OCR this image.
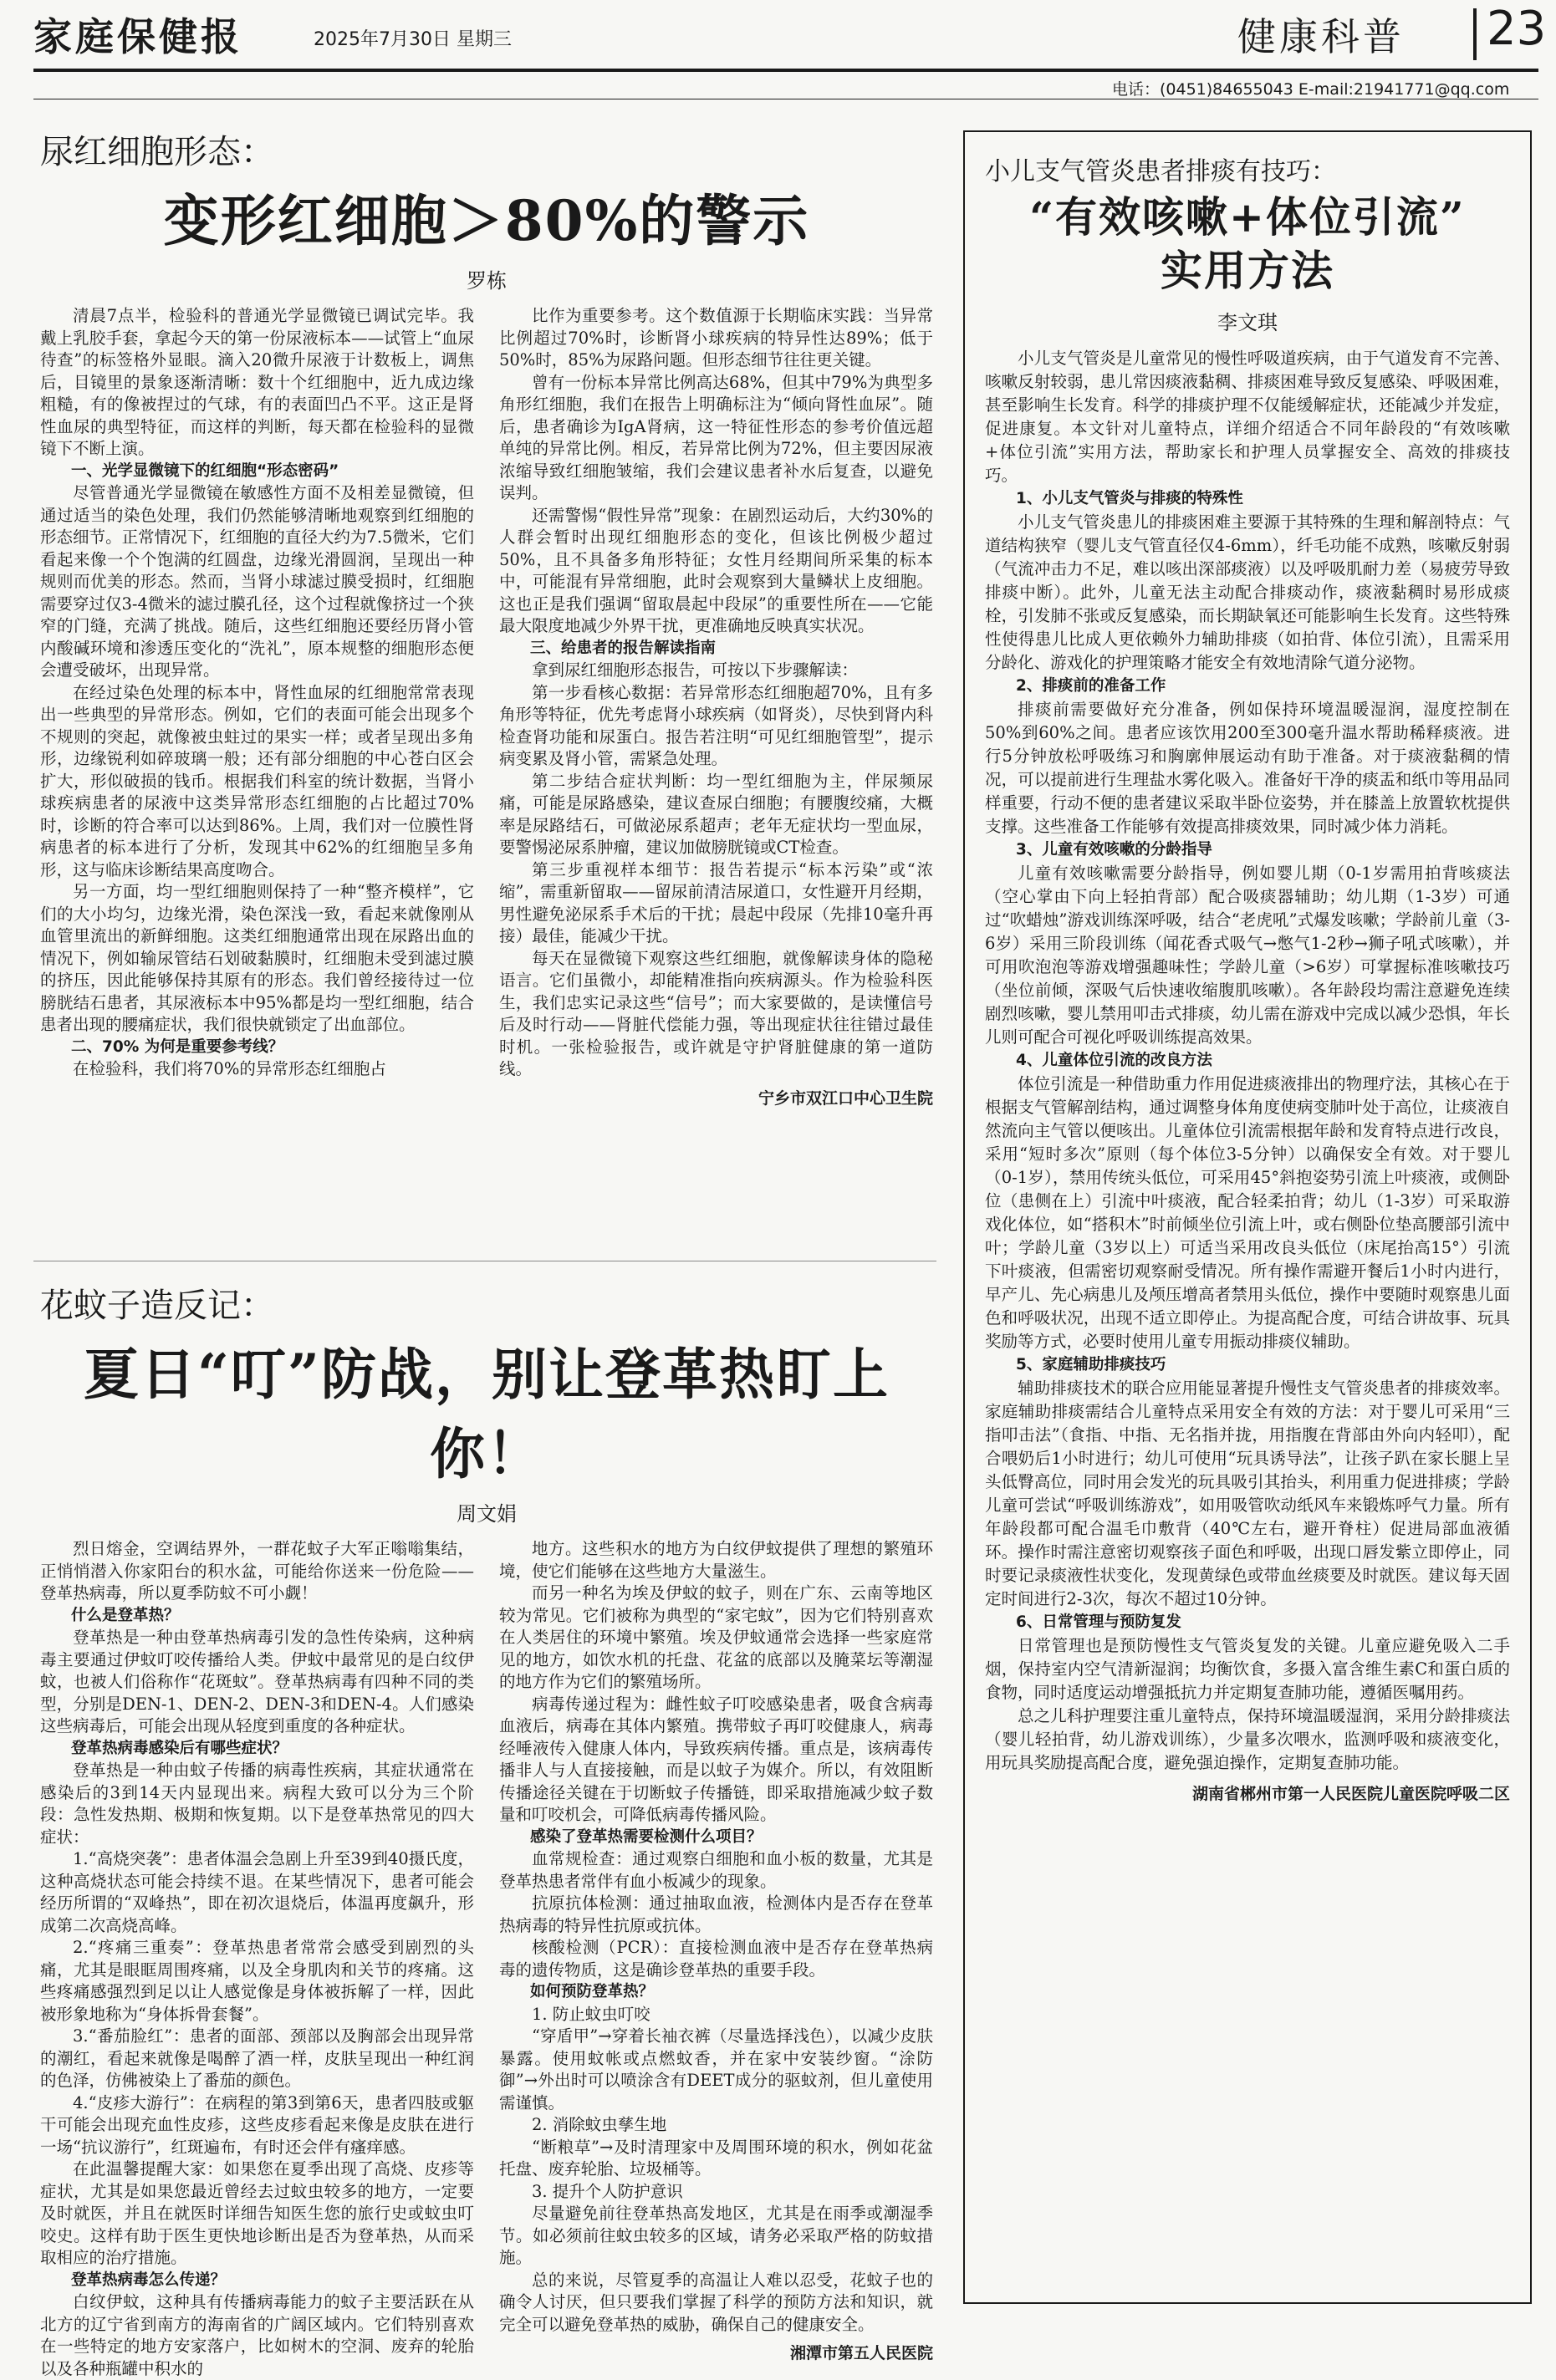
家庭保健报	2025年7月30日 星期三	健康科普 23
电话：(0451)84655043 E-mail:21941771@qq.com
尿红细胞形态：
变形红细胞＞80%的警示
罗栋

清晨7点半，检验科的普通光学显微镜已调试完毕。我戴上乳胶手套，拿起今天的第一份尿液标本——试管上“血尿待查”的标签格外显眼。滴入20微升尿液于计数板上，调焦后，目镜里的景象逐渐清晰：数十个红细胞中，近九成边缘粗糙，有的像被捏过的气球，有的表面凹凸不平。这正是肾性血尿的典型特征，而这样的判断，每天都在检验科的显微镜下不断上演。

一、光学显微镜下的红细胞“形态密码”

尽管普通光学显微镜在敏感性方面不及相差显微镜，但通过适当的染色处理，我们仍然能够清晰地观察到红细胞的形态细节。正常情况下，红细胞的直径大约为7.5微米，它们看起来像一个个饱满的红圆盘，边缘光滑圆润，呈现出一种规则而优美的形态。然而，当肾小球滤过膜受损时，红细胞需要穿过仅3-4微米的滤过膜孔径，这个过程就像挤过一个狭窄的门缝，充满了挑战。随后，这些红细胞还要经历肾小管内酸碱环境和渗透压变化的“洗礼”，原本规整的细胞形态便会遭受破坏，出现异常。

在经过染色处理的标本中，肾性血尿的红细胞常常表现出一些典型的异常形态。例如，它们的表面可能会出现多个不规则的突起，就像被虫蛀过的果实一样；或者呈现出多角形，边缘锐利如碎玻璃一般；还有部分细胞的中心苍白区会扩大，形似破损的钱币。根据我们科室的统计数据，当肾小球疾病患者的尿液中这类异常形态红细胞的占比超过70%时，诊断的符合率可以达到86%。上周，我们对一位膜性肾病患者的标本进行了分析，发现其中62%的红细胞呈多角形，这与临床诊断结果高度吻合。

另一方面，均一型红细胞则保持了一种“整齐模样”，它们的大小均匀，边缘光滑，染色深浅一致，看起来就像刚从血管里流出的新鲜细胞。这类红细胞通常出现在尿路出血的情况下，例如输尿管结石划破黏膜时，红细胞未受到滤过膜的挤压，因此能够保持其原有的形态。我们曾经接待过一位膀胱结石患者，其尿液标本中95%都是均一型红细胞，结合患者出现的腰痛症状，我们很快就锁定了出血部位。

二、70% 为何是重要参考线？

在检验科，我们将70%的异常形态红细胞占

比作为重要参考。这个数值源于长期临床实践：当异常比例超过70%时，诊断肾小球疾病的特异性达89%；低于50%时，85%为尿路问题。但形态细节往往更关键。

曾有一份标本异常比例高达68%，但其中79%为典型多角形红细胞，我们在报告上明确标注为“倾向肾性血尿”。随后，患者确诊为IgA肾病，这一特征性形态的参考价值远超单纯的异常比例。相反，若异常比例为72%，但主要因尿液浓缩导致红细胞皱缩，我们会建议患者补水后复查，以避免误判。

还需警惕“假性异常”现象：在剧烈运动后，大约30%的人群会暂时出现红细胞形态的变化，但该比例极少超过50%，且不具备多角形特征；女性月经期间所采集的标本中，可能混有异常细胞，此时会观察到大量鳞状上皮细胞。这也正是我们强调“留取晨起中段尿”的重要性所在——它能最大限度地减少外界干扰，更准确地反映真实状况。

三、给患者的报告解读指南

拿到尿红细胞形态报告，可按以下步骤解读：

第一步看核心数据：若异常形态红细胞超70%，且有多角形等特征，优先考虑肾小球疾病（如肾炎），尽快到肾内科检查肾功能和尿蛋白。报告若注明“可见红细胞管型”，提示病变累及肾小管，需紧急处理。

第二步结合症状判断：均一型红细胞为主，伴尿频尿痛，可能是尿路感染，建议查尿白细胞；有腰腹绞痛，大概率是尿路结石，可做泌尿系超声；老年无症状均一型血尿，要警惕泌尿系肿瘤，建议加做膀胱镜或CT检查。

第三步重视样本细节：报告若提示“标本污染”或“浓缩”，需重新留取——留尿前清洁尿道口，女性避开月经期，男性避免泌尿系手术后的干扰；晨起中段尿（先排10毫升再接）最佳，能减少干扰。

每天在显微镜下观察这些红细胞，就像解读身体的隐秘语言。它们虽微小，却能精准指向疾病源头。作为检验科医生，我们忠实记录这些“信号”；而大家要做的，是读懂信号后及时行动——肾脏代偿能力强，等出现症状往往错过最佳时机。一张检验报告，或许就是守护肾脏健康的第一道防线。

宁乡市双江口中心卫生院
花蚊子造反记：
夏日“叮”防战，别让登革热盯上你！
周文娟

烈日熔金，空调结界外，一群花蚊子大军正嗡嗡集结，正悄悄潜入你家阳台的积水盆，可能给你送来一份危险——登革热病毒，所以夏季防蚊不可小觑！

什么是登革热？

登革热是一种由登革热病毒引发的急性传染病，这种病毒主要通过伊蚊叮咬传播给人类。伊蚊中最常见的是白纹伊蚊，也被人们俗称作“花斑蚊”。登革热病毒有四种不同的类型，分别是DEN-1、DEN-2、DEN-3和DEN-4。人们感染这些病毒后，可能会出现从轻度到重度的各种症状。

登革热病毒感染后有哪些症状？

登革热是一种由蚊子传播的病毒性疾病，其症状通常在感染后的3到14天内显现出来。病程大致可以分为三个阶段：急性发热期、极期和恢复期。以下是登革热常见的四大症状：

1.“高烧突袭”：患者体温会急剧上升至39到40摄氏度，这种高烧状态可能会持续不退。在某些情况下，患者可能会经历所谓的“双峰热”，即在初次退烧后，体温再度飙升，形成第二次高烧高峰。

2.“疼痛三重奏”：登革热患者常常会感受到剧烈的头痛，尤其是眼眶周围疼痛，以及全身肌肉和关节的疼痛。这些疼痛感强烈到足以让人感觉像是身体被拆解了一样，因此被形象地称为“身体拆骨套餐”。

3.“番茄脸红”：患者的面部、颈部以及胸部会出现异常的潮红，看起来就像是喝醉了酒一样，皮肤呈现出一种红润的色泽，仿佛被染上了番茄的颜色。

4.“皮疹大游行”：在病程的第3到第6天，患者四肢或躯干可能会出现充血性皮疹，这些皮疹看起来像是皮肤在进行一场“抗议游行”，红斑遍布，有时还会伴有瘙痒感。

在此温馨提醒大家：如果您在夏季出现了高烧、皮疹等症状，尤其是如果您最近曾经去过蚊虫较多的地方，一定要及时就医，并且在就医时详细告知医生您的旅行史或蚊虫叮咬史。这样有助于医生更快地诊断出是否为登革热，从而采取相应的治疗措施。

登革热病毒怎么传递？

白纹伊蚊，这种具有传播病毒能力的蚊子主要活跃在从北方的辽宁省到南方的海南省的广阔区域内。它们特别喜欢在一些特定的地方安家落户，比如树木的空洞、废弃的轮胎以及各种瓶罐中积水的

地方。这些积水的地方为白纹伊蚊提供了理想的繁殖环境，使它们能够在这些地方大量滋生。

而另一种名为埃及伊蚊的蚊子，则在广东、云南等地区较为常见。它们被称为典型的“家宅蚊”，因为它们特别喜欢在人类居住的环境中繁殖。埃及伊蚊通常会选择一些家庭常见的地方，如饮水机的托盘、花盆的底部以及腌菜坛等潮湿的地方作为它们的繁殖场所。

病毒传递过程为：雌性蚊子叮咬感染患者，吸食含病毒血液后，病毒在其体内繁殖。携带蚊子再叮咬健康人，病毒经唾液传入健康人体内，导致疾病传播。重点是，该病毒传播非人与人直接接触，而是以蚊子为媒介。所以，有效阻断传播途径关键在于切断蚊子传播链，即采取措施减少蚊子数量和叮咬机会，可降低病毒传播风险。

感染了登革热需要检测什么项目？

血常规检查：通过观察白细胞和血小板的数量，尤其是登革热患者常伴有血小板减少的现象。

抗原抗体检测：通过抽取血液，检测体内是否存在登革热病毒的特异性抗原或抗体。

核酸检测（PCR）：直接检测血液中是否存在登革热病毒的遗传物质，这是确诊登革热的重要手段。

如何预防登革热？

1. 防止蚊虫叮咬

“穿盾甲”→穿着长袖衣裤（尽量选择浅色），以减少皮肤暴露。使用蚊帐或点燃蚊香，并在家中安装纱窗。“涂防御”→外出时可以喷涂含有DEET成分的驱蚊剂，但儿童使用需谨慎。

2. 消除蚊虫孳生地

“断粮草”→及时清理家中及周围环境的积水，例如花盆托盘、废弃轮胎、垃圾桶等。

3. 提升个人防护意识

尽量避免前往登革热高发地区，尤其是在雨季或潮湿季节。如必须前往蚊虫较多的区域，请务必采取严格的防蚊措施。

总的来说，尽管夏季的高温让人难以忍受，花蚊子也的确令人讨厌，但只要我们掌握了科学的预防方法和知识，就完全可以避免登革热的威胁，确保自己的健康安全。

湘潭市第五人民医院
小儿支气管炎患者排痰有技巧：
“有效咳嗽+体位引流”
实用方法
李文琪

小儿支气管炎是儿童常见的慢性呼吸道疾病，由于气道发育不完善、咳嗽反射较弱，患儿常因痰液黏稠、排痰困难导致反复感染、呼吸困难，甚至影响生长发育。科学的排痰护理不仅能缓解症状，还能减少并发症，促进康复。本文针对儿童特点，详细介绍适合不同年龄段的“有效咳嗽+体位引流”实用方法，帮助家长和护理人员掌握安全、高效的排痰技巧。

1、小儿支气管炎与排痰的特殊性

小儿支气管炎患儿的排痰困难主要源于其特殊的生理和解剖特点：气道结构狭窄（婴儿支气管直径仅4-6mm），纤毛功能不成熟，咳嗽反射弱（气流冲击力不足，难以咳出深部痰液）以及呼吸肌耐力差（易疲劳导致排痰中断）。此外，儿童无法主动配合排痰动作，痰液黏稠时易形成痰栓，引发肺不张或反复感染，而长期缺氧还可能影响生长发育。这些特殊性使得患儿比成人更依赖外力辅助排痰（如拍背、体位引流），且需采用分龄化、游戏化的护理策略才能安全有效地清除气道分泌物。

2、排痰前的准备工作

排痰前需要做好充分准备，例如保持环境温暖湿润，湿度控制在50%到60%之间。患者应该饮用200至300毫升温水帮助稀释痰液。进行5分钟放松呼吸练习和胸廓伸展运动有助于准备。对于痰液黏稠的情况，可以提前进行生理盐水雾化吸入。准备好干净的痰盂和纸巾等用品同样重要，行动不便的患者建议采取半卧位姿势，并在膝盖上放置软枕提供支撑。这些准备工作能够有效提高排痰效果，同时减少体力消耗。

3、儿童有效咳嗽的分龄指导

儿童有效咳嗽需要分龄指导，例如婴儿期（0-1岁需用拍背咳痰法（空心掌由下向上轻拍背部）配合吸痰器辅助；幼儿期（1-3岁）可通过“吹蜡烛”游戏训练深呼吸，结合“老虎吼”式爆发咳嗽；学龄前儿童（3-6岁）采用三阶段训练（闻花香式吸气→憋气1-2秒→狮子吼式咳嗽），并可用吹泡泡等游戏增强趣味性；学龄儿童（>6岁）可掌握标准咳嗽技巧（坐位前倾，深吸气后快速收缩腹肌咳嗽）。各年龄段均需注意避免连续剧烈咳嗽，婴儿禁用叩击式排痰，幼儿需在游戏中完成以减少恐惧，年长儿则可配合可视化呼吸训练提高效果。

4、儿童体位引流的改良方法

体位引流是一种借助重力作用促进痰液排出的物理疗法，其核心在于根据支气管解剖结构，通过调整身体角度使病变肺叶处于高位，让痰液自然流向主气管以便咳出。儿童体位引流需根据年龄和发育特点进行改良，采用“短时多次”原则（每个体位3-5分钟）以确保安全有效。对于婴儿（0-1岁），禁用传统头低位，可采用45°斜抱姿势引流上叶痰液，或侧卧位（患侧在上）引流中叶痰液，配合轻柔拍背；幼儿（1-3岁）可采取游戏化体位，如“搭积木”时前倾坐位引流上叶，或右侧卧位垫高腰部引流中叶；学龄儿童（3岁以上）可适当采用改良头低位（床尾抬高15°）引流下叶痰液，但需密切观察耐受情况。所有操作需避开餐后1小时内进行，早产儿、先心病患儿及颅压增高者禁用头低位，操作中要随时观察患儿面色和呼吸状况，出现不适立即停止。为提高配合度，可结合讲故事、玩具奖励等方式，必要时使用儿童专用振动排痰仪辅助。

5、家庭辅助排痰技巧

辅助排痰技术的联合应用能显著提升慢性支气管炎患者的排痰效率。家庭辅助排痰需结合儿童特点采用安全有效的方法：对于婴儿可采用“三指叩击法”（食指、中指、无名指并拢，用指腹在背部由外向内轻叩），配合喂奶后1小时进行；幼儿可使用“玩具诱导法”，让孩子趴在家长腿上呈头低臀高位，同时用会发光的玩具吸引其抬头，利用重力促进排痰；学龄儿童可尝试“呼吸训练游戏”，如用吸管吹动纸风车来锻炼呼气力量。所有年龄段都可配合温毛巾敷背（40℃左右，避开脊柱）促进局部血液循环。操作时需注意密切观察孩子面色和呼吸，出现口唇发紫立即停止，同时要记录痰液性状变化，发现黄绿色或带血丝痰要及时就医。建议每天固定时间进行2-3次，每次不超过10分钟。

6、日常管理与预防复发

日常管理也是预防慢性支气管炎复发的关键。儿童应避免吸入二手烟，保持室内空气清新湿润；均衡饮食，多摄入富含维生素C和蛋白质的食物，同时适度运动增强抵抗力并定期复查肺功能，遵循医嘱用药。

总之儿科护理要注重儿童特点，保持环境温暖湿润，采用分龄排痰法（婴儿轻拍背，幼儿游戏训练），少量多次喂水，监测呼吸和痰液变化，用玩具奖励提高配合度，避免强迫操作，定期复查肺功能。

湖南省郴州市第一人民医院儿童医院呼吸二区
